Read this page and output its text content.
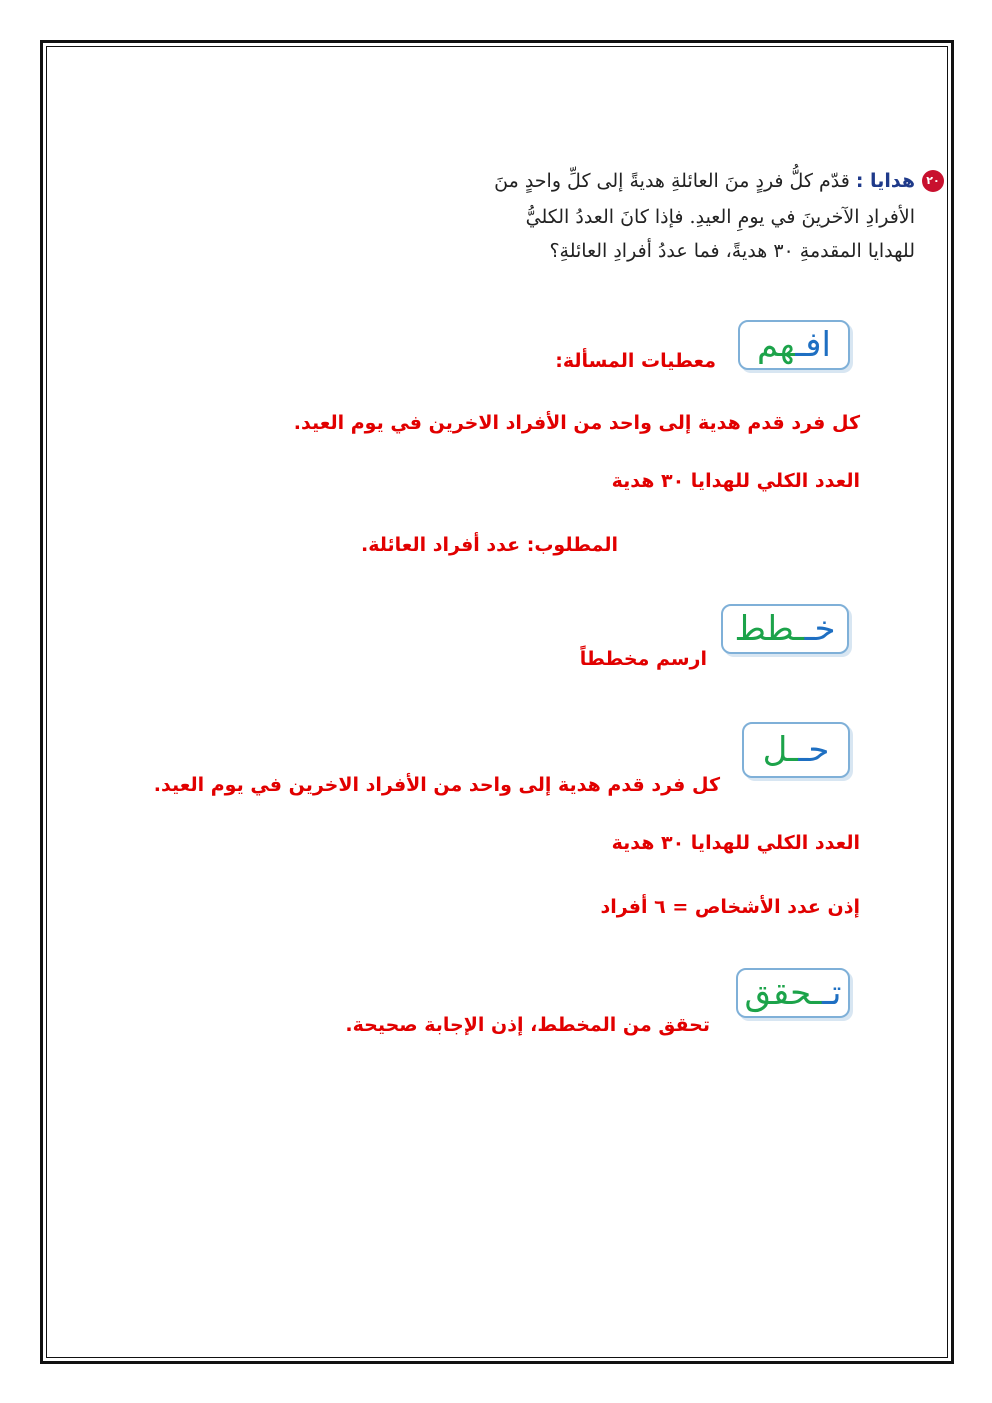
٢٠
هدايا :قدّم كلُّ فردٍ منَ العائلةِ هديةً إلى كلِّ واحدٍ منَ
الأفرادِ الآخرينَ في يومِ العيدِ. فإذا كانَ العددُ الكليُّ
للهدايا المقدمةِ ٣٠ هديةً، فما عددُ أفرادِ العائلةِ؟
افـهم
معطيات المسألة:
كل فرد قدم هدية إلى واحد من الأفراد الاخرين في يوم العيد.
العدد الكلي للهدايا ٣٠ هدية
المطلوب: عدد أفراد العائلة.
خــطط
ارسم مخططاً
حــل
كل فرد قدم هدية إلى واحد من الأفراد الاخرين في يوم العيد.
العدد الكلي للهدايا ٣٠ هدية
إذن عدد الأشخاص = ٦ أفراد
تــحقق
تحقق من المخطط، إذن الإجابة صحيحة.
